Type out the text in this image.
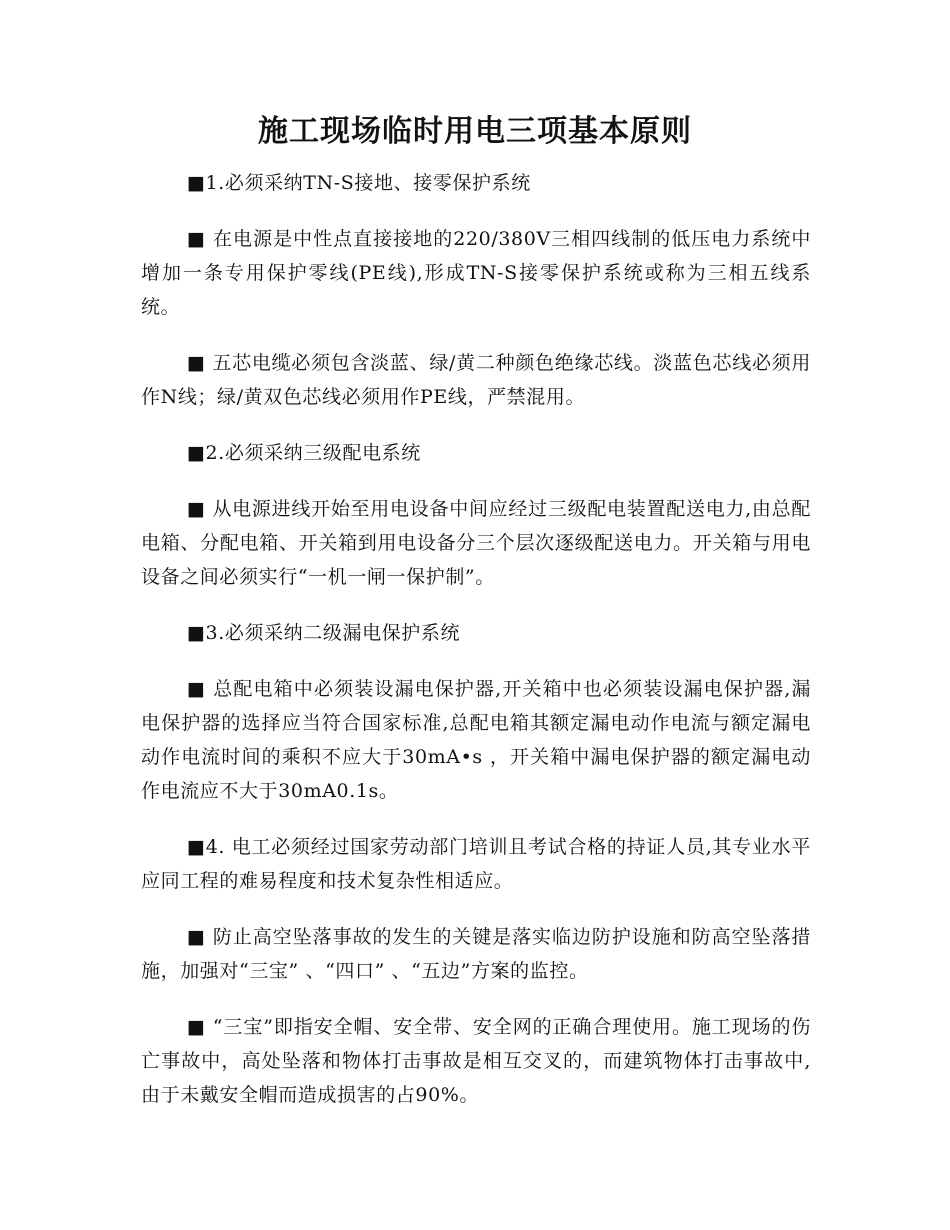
施工现场临时用电三项基本原则

■1.必须采纳TN-S接地、接零保护系统

■ 在电源是中性点直接接地的220/380V三相四线制的低压电力系统中增加一条专用保护零线(PE线),形成TN-S接零保护系统或称为三相五线系统。

■ 五芯电缆必须包含淡蓝、绿/黄二种颜色绝缘芯线。淡蓝色芯线必须用作N线；绿/黄双色芯线必须用作PE线，严禁混用。

■2.必须采纳三级配电系统

■ 从电源进线开始至用电设备中间应经过三级配电装置配送电力,由总配电箱、分配电箱、开关箱到用电设备分三个层次逐级配送电力。开关箱与用电设备之间必须实行“一机一闸一保护制”。

■3.必须采纳二级漏电保护系统

■ 总配电箱中必须装设漏电保护器,开关箱中也必须装设漏电保护器,漏电保护器的选择应当符合国家标准,总配电箱其额定漏电动作电流与额定漏电动作电流时间的乘积不应大于30mA•s ，开关箱中漏电保护器的额定漏电动作电流应不大于30mA0.1s。

■4. 电工必须经过国家劳动部门培训且考试合格的持证人员,其专业水平应同工程的难易程度和技术复杂性相适应。

■ 防止高空坠落事故的发生的关键是落实临边防护设施和防高空坠落措施，加强对“三宝” 、“四口” 、“五边”方案的监控。

■ “三宝”即指安全帽、安全带、安全网的正确合理使用。施工现场的伤亡事故中，高处坠落和物体打击事故是相互交叉的，而建筑物体打击事故中,由于未戴安全帽而造成损害的占90%。
